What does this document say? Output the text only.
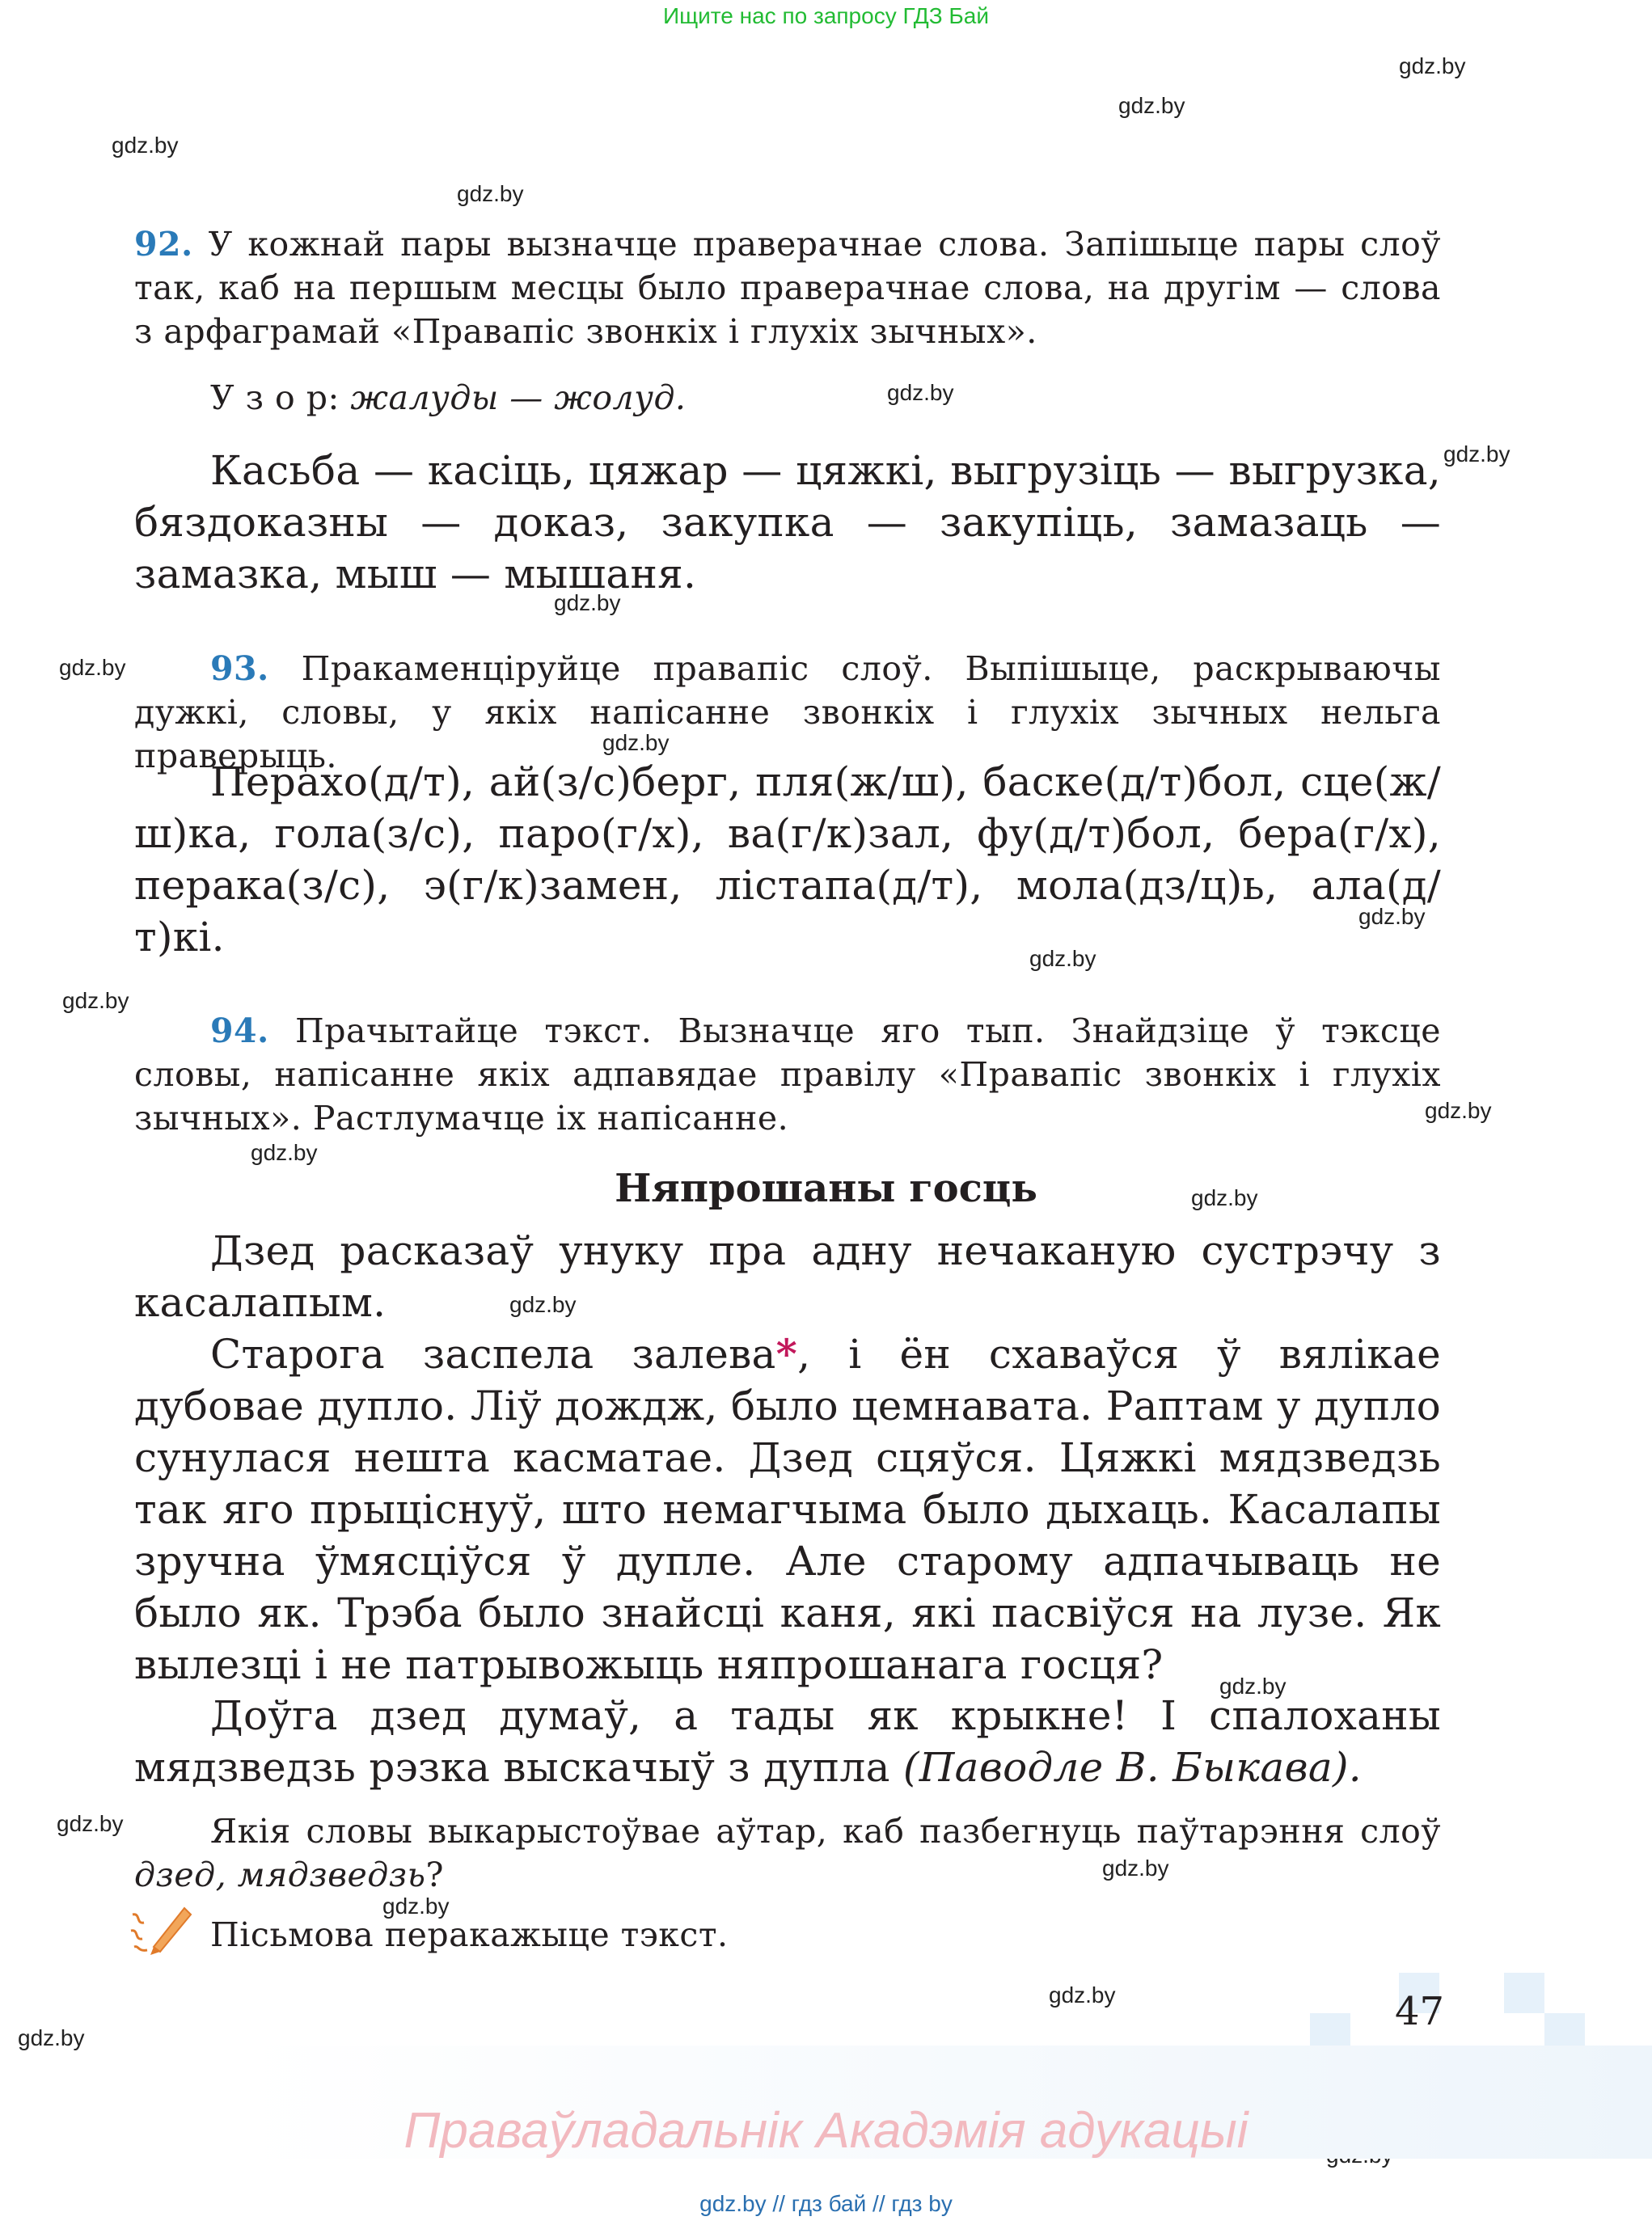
Ищите нас по запросу ГДЗ Бай
gdz.by
gdz.by
gdz.by
gdz.by
gdz.by
gdz.by
gdz.by
gdz.by
gdz.by
gdz.by
gdz.by
gdz.by
gdz.by
gdz.by
gdz.by
gdz.by
gdz.by
gdz.by
gdz.by
gdz.by
gdz.by
gdz.by
92. У кожнай пары вызначце праверачнае слова. Запішыце пары слоў так, каб на першым месцы было праверачнае слова, на другім — слова з арфаграмай «Правапіс звонкіх і глухіх зычных».
У з о р: жалуды — жолуд.
Касьба — касіць, цяжар — цяжкі, выгрузіць — выгрузка, бяздоказны — доказ, закупка — закупіць, замазаць — замазка, мыш — мышаня.
93. Пракаменціруйце правапіс слоў. Выпішыце, раскрываючы дужкі, словы, у якіх напісанне звонкіх і глухіх зычных нельга праверыць.
Перахо(д/т), ай(з/с)берг, пля(ж/ш), баске(д/т)бол, сце(ж/ш)ка, гола(з/с), паро(г/х), ва(г/к)зал, фу(д/т)бол, бера(г/х), перака(з/с), э(г/к)замен, лістапа(д/т), мола(дз/ц)ь, ала(д/т)кі.
94. Прачытайце тэкст. Вызначце яго тып. Знайдзіце ў тэксце словы, напісанне якіх адпавядае правілу «Правапіс звонкіх і глухіх зычных». Растлумачце іх напісанне.
Няпрошаны госць
Дзед расказаў унуку пра адну нечаканую сустрэчу з касалапым.
Старога заспела залева*, і ён схаваўся ў вялікае дубовае дупло. Ліў дождж, было цемнавата. Раптам у дупло сунулася нешта касматае. Дзед сцяўся. Цяжкі мядзведзь так яго прыціснуў, што немагчыма было дыхаць. Касалапы зручна ўмясціўся ў дупле. Але старому адпачываць не было як. Трэба было знайсці каня, які пасвіўся на лузе. Як вылезці і не патрывожыць няпрошанага госця?
Доўга дзед думаў, а тады як крыкне! І спалоханы мядзведзь рэзка выскачыў з дупла (Паводле В. Быкава).
Якія словы выкарыстоўвае аўтар, каб пазбегнуць паўтарэння слоў дзед, мядзведзь?
Пісьмова перакажыце тэкст.
47
Праваўладальнік Акадэмія адукацыі
gdz.by // гдз бай // гдз by
